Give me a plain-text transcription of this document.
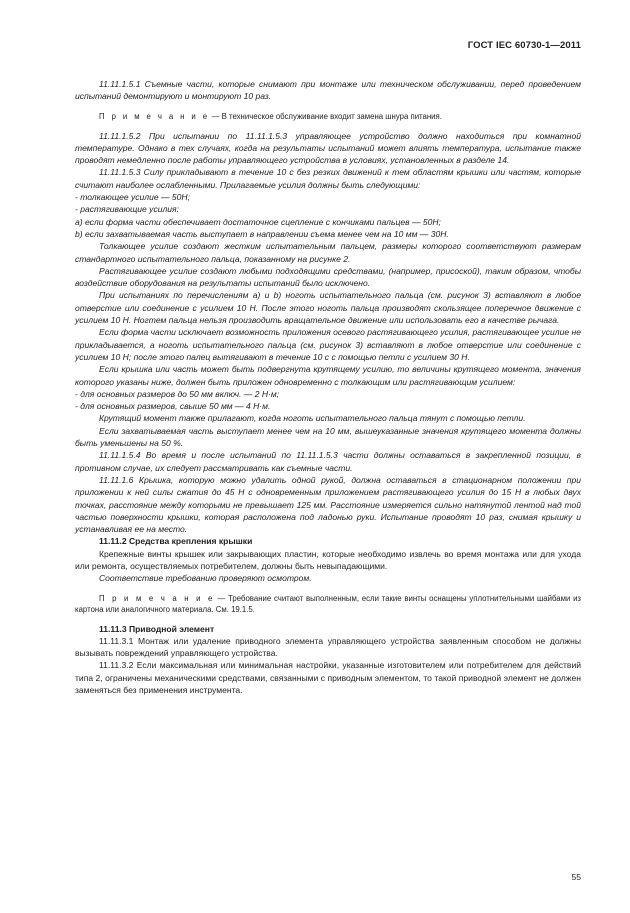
ГОСТ IEC 60730-1—2011

11.11.1.5.1 Съемные части, которые снимают при монтаже или техническом обслуживании, перед проведением испытаний демонтируют и монтируют 10 раз.

П р и м е ч а н и е — В техническое обслуживание входит замена шнура питания.

11.11.1.5.2 При испытании по 11.11.1.5.3 управляющее устройство должно находиться при комнатной температуре. Однако в тех случаях, когда на результаты испытаний может влиять температура, испытание также проводят немедленно после работы управляющего устройства в условиях, установленных в разделе 14.

11.11.1.5.3 Силу прикладывают в течение 10 с без резких движений к тем областям крышки или частям, которые считают наиболее ослабленными. Прилагаемые усилия должны быть следующими:

- толкающее усилие — 50Н;

- растягивающие усилия:

а) если форма части обеспечивает достаточное сцепление с кончиками пальцев — 50Н;

b) если захватываемая часть выступает в направлении съема менее чем на 10 мм — 30Н.

Толкающее усилие создают жестким испытательным пальцем, размеры которого соответствуют размерам стандартного испытательного пальца, показанному на рисунке 2.

Растягивающее усилие создают любыми подходящими средствами, (например, присоской), таким образом, чтобы воздействие оборудования на результаты испытаний было исключено.

При испытаниях по перечислениям a) и b) ноготь испытательного пальца (см. рисунок 3) вставляют в любое отверстие или соединение с усилием 10 Н. После этого ноготь пальца производят скользящее поперечное движение с усилием 10 Н. Ногтем пальца нельзя производить вращательное движение или использовать его в качестве рычага.

Если форма части исключает возможность приложения осевого растягивающего усилия, растягивающее усилие не прикладывается, а ноготь испытательного пальца (см. рисунок 3) вставляют в любое отверстие или соединение с усилием 10 Н; после этого палец вытягивают в течение 10 с с помощью петли с усилием 30 Н.

Если крышка или часть может быть подвергнута крутящему усилию, то величины крутящего момента, значения которого указаны ниже, должен быть приложен одновременно с толкающим или растягивающим усилием:

- для основных размеров до 50 мм включ. — 2 Н·м;

- для основных размеров, свыше 50 мм — 4 Н·м.

Крутящий момент также прилагают, когда ноготь испытательного пальца тянут с помощью петли.

Если захватываемая часть выступает менее чем на 10 мм, вышеуказанные значения крутящего момента должны быть уменьшены на 50 %.

11.11.1.5.4 Во время и после испытаний по 11.11.1.5.3 части должны оставаться в закрепленной позиции, в противном случае, их следует рассматривать как съемные части.

11.11.1.6 Крышка, которую можно удалить одной рукой, должна оставаться в стационарном положении при приложении к ней силы сжатия до 45 Н с одновременным приложением растягивающего усилия до 15 Н в любых двух точках, расстояние между которыми не превышает 125 мм. Расстояние измеряется сильно натянутой лентой над той частью поверхности крышки, которая расположена под ладонью руки. Испытание проводят 10 раз, снимая крышку и устанавливая ее на место.

11.11.2 Средства крепления крышки

Крепежные винты крышек или закрывающих пластин, которые необходимо извлечь во время монтажа или для ухода или ремонта, осуществляемых потребителем, должны быть невыпадающими.

Соответствие требованию проверяют осмотром.

П р и м е ч а н и е — Требование считают выполненным, если такие винты оснащены уплотнительными шайбами из картона или аналогичного материала. См. 19.1.5.

11.11.3 Приводной элемент

11.11.3.1 Монтаж или удаление приводного элемента управляющего устройства заявленным способом не должны вызывать повреждений управляющего устройства.

11.11.3.2 Если максимальная или минимальная настройки, указанные изготовителем или потребителем для действий типа 2, ограничены механическими средствами, связанными с приводным элементом, то такой приводной элемент не должен заменяться без применения инструмента.

55
